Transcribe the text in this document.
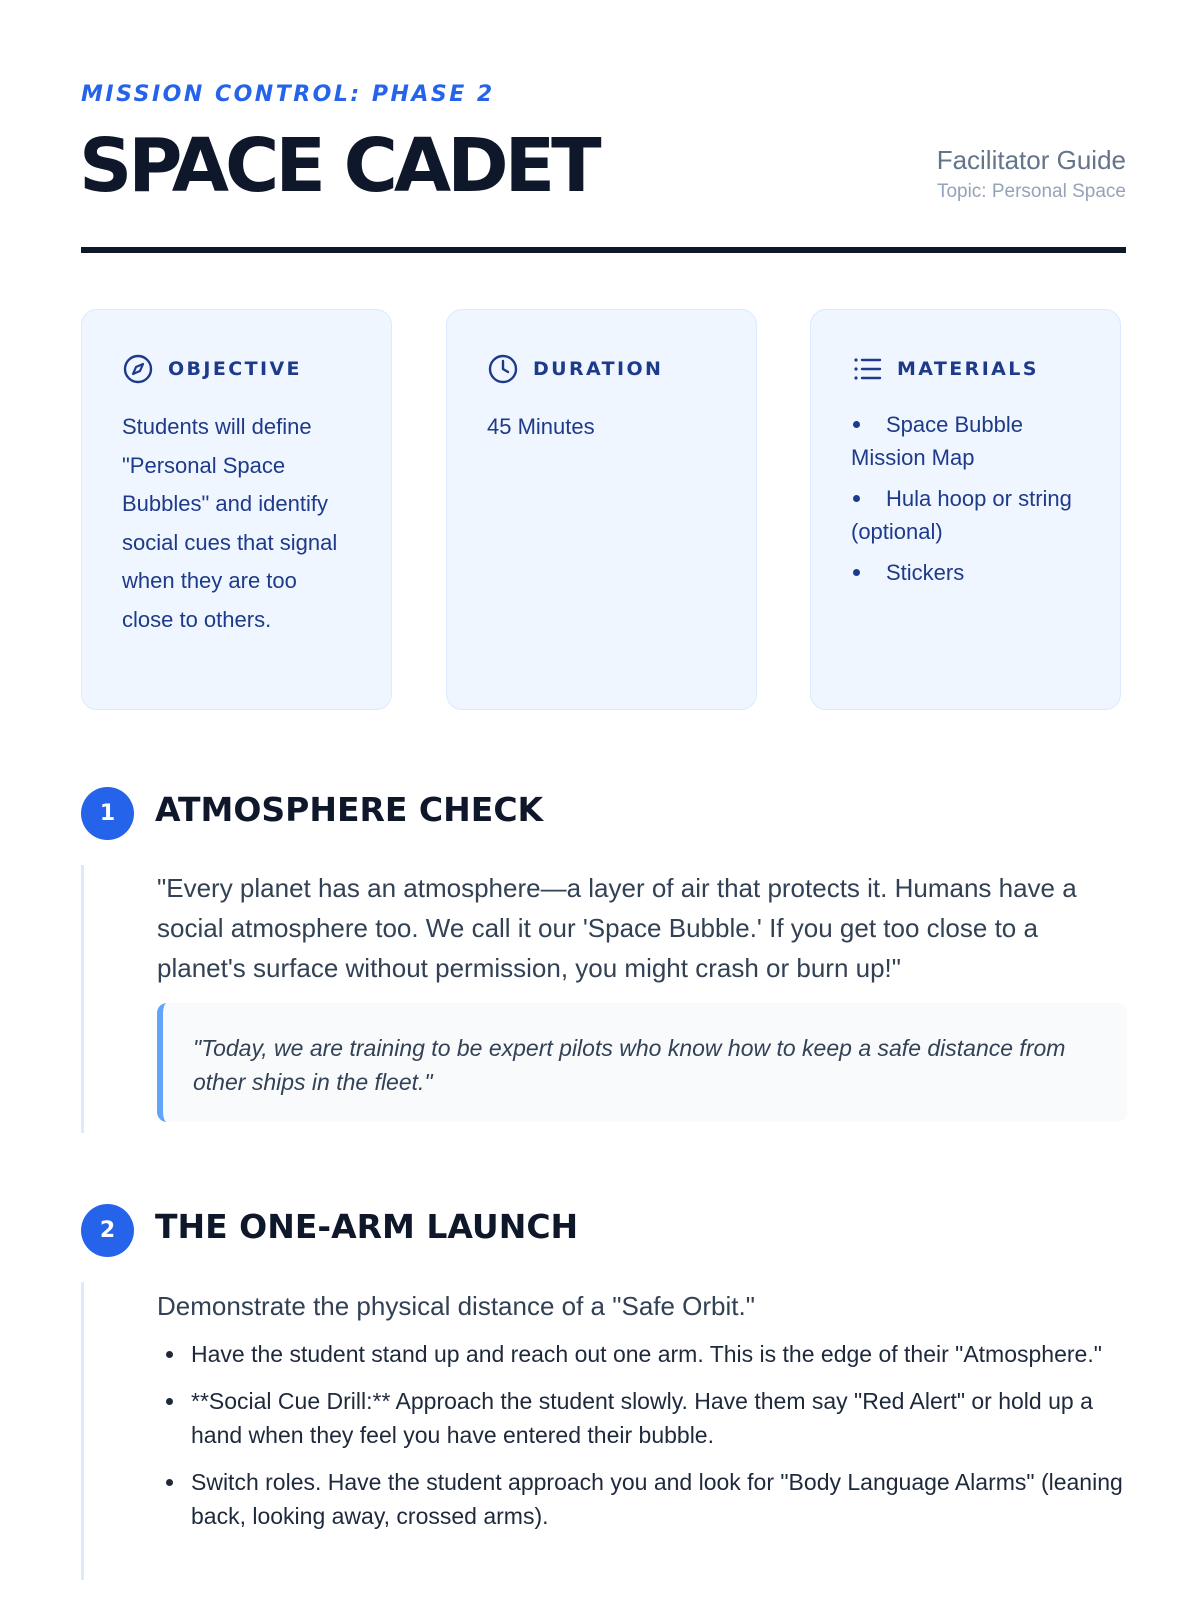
MISSION CONTROL: PHASE 2
SPACE CADET	Facilitator Guide
Topic: Personal Space
OBJECTIVE
Students will define "Personal Space Bubbles" and identify social cues that signal when they are too close to others.
DURATION
45 Minutes
MATERIALS
Space Bubble Mission Map
Hula hoop or string (optional)
Stickers
1	ATMOSPHERE CHECK
"Every planet has an atmosphere—a layer of air that protects it. Humans have a social atmosphere too. We call it our 'Space Bubble.' If you get too close to a planet's surface without permission, you might crash or burn up!"
"Today, we are training to be expert pilots who know how to keep a safe distance from other ships in the fleet."
2	THE ONE-ARM LAUNCH
Demonstrate the physical distance of a "Safe Orbit."
Have the student stand up and reach out one arm. This is the edge of their "Atmosphere."
**Social Cue Drill:** Approach the student slowly. Have them say "Red Alert" or hold up a hand when they feel you have entered their bubble.
Switch roles. Have the student approach you and look for "Body Language Alarms" (leaning back, looking away, crossed arms).
